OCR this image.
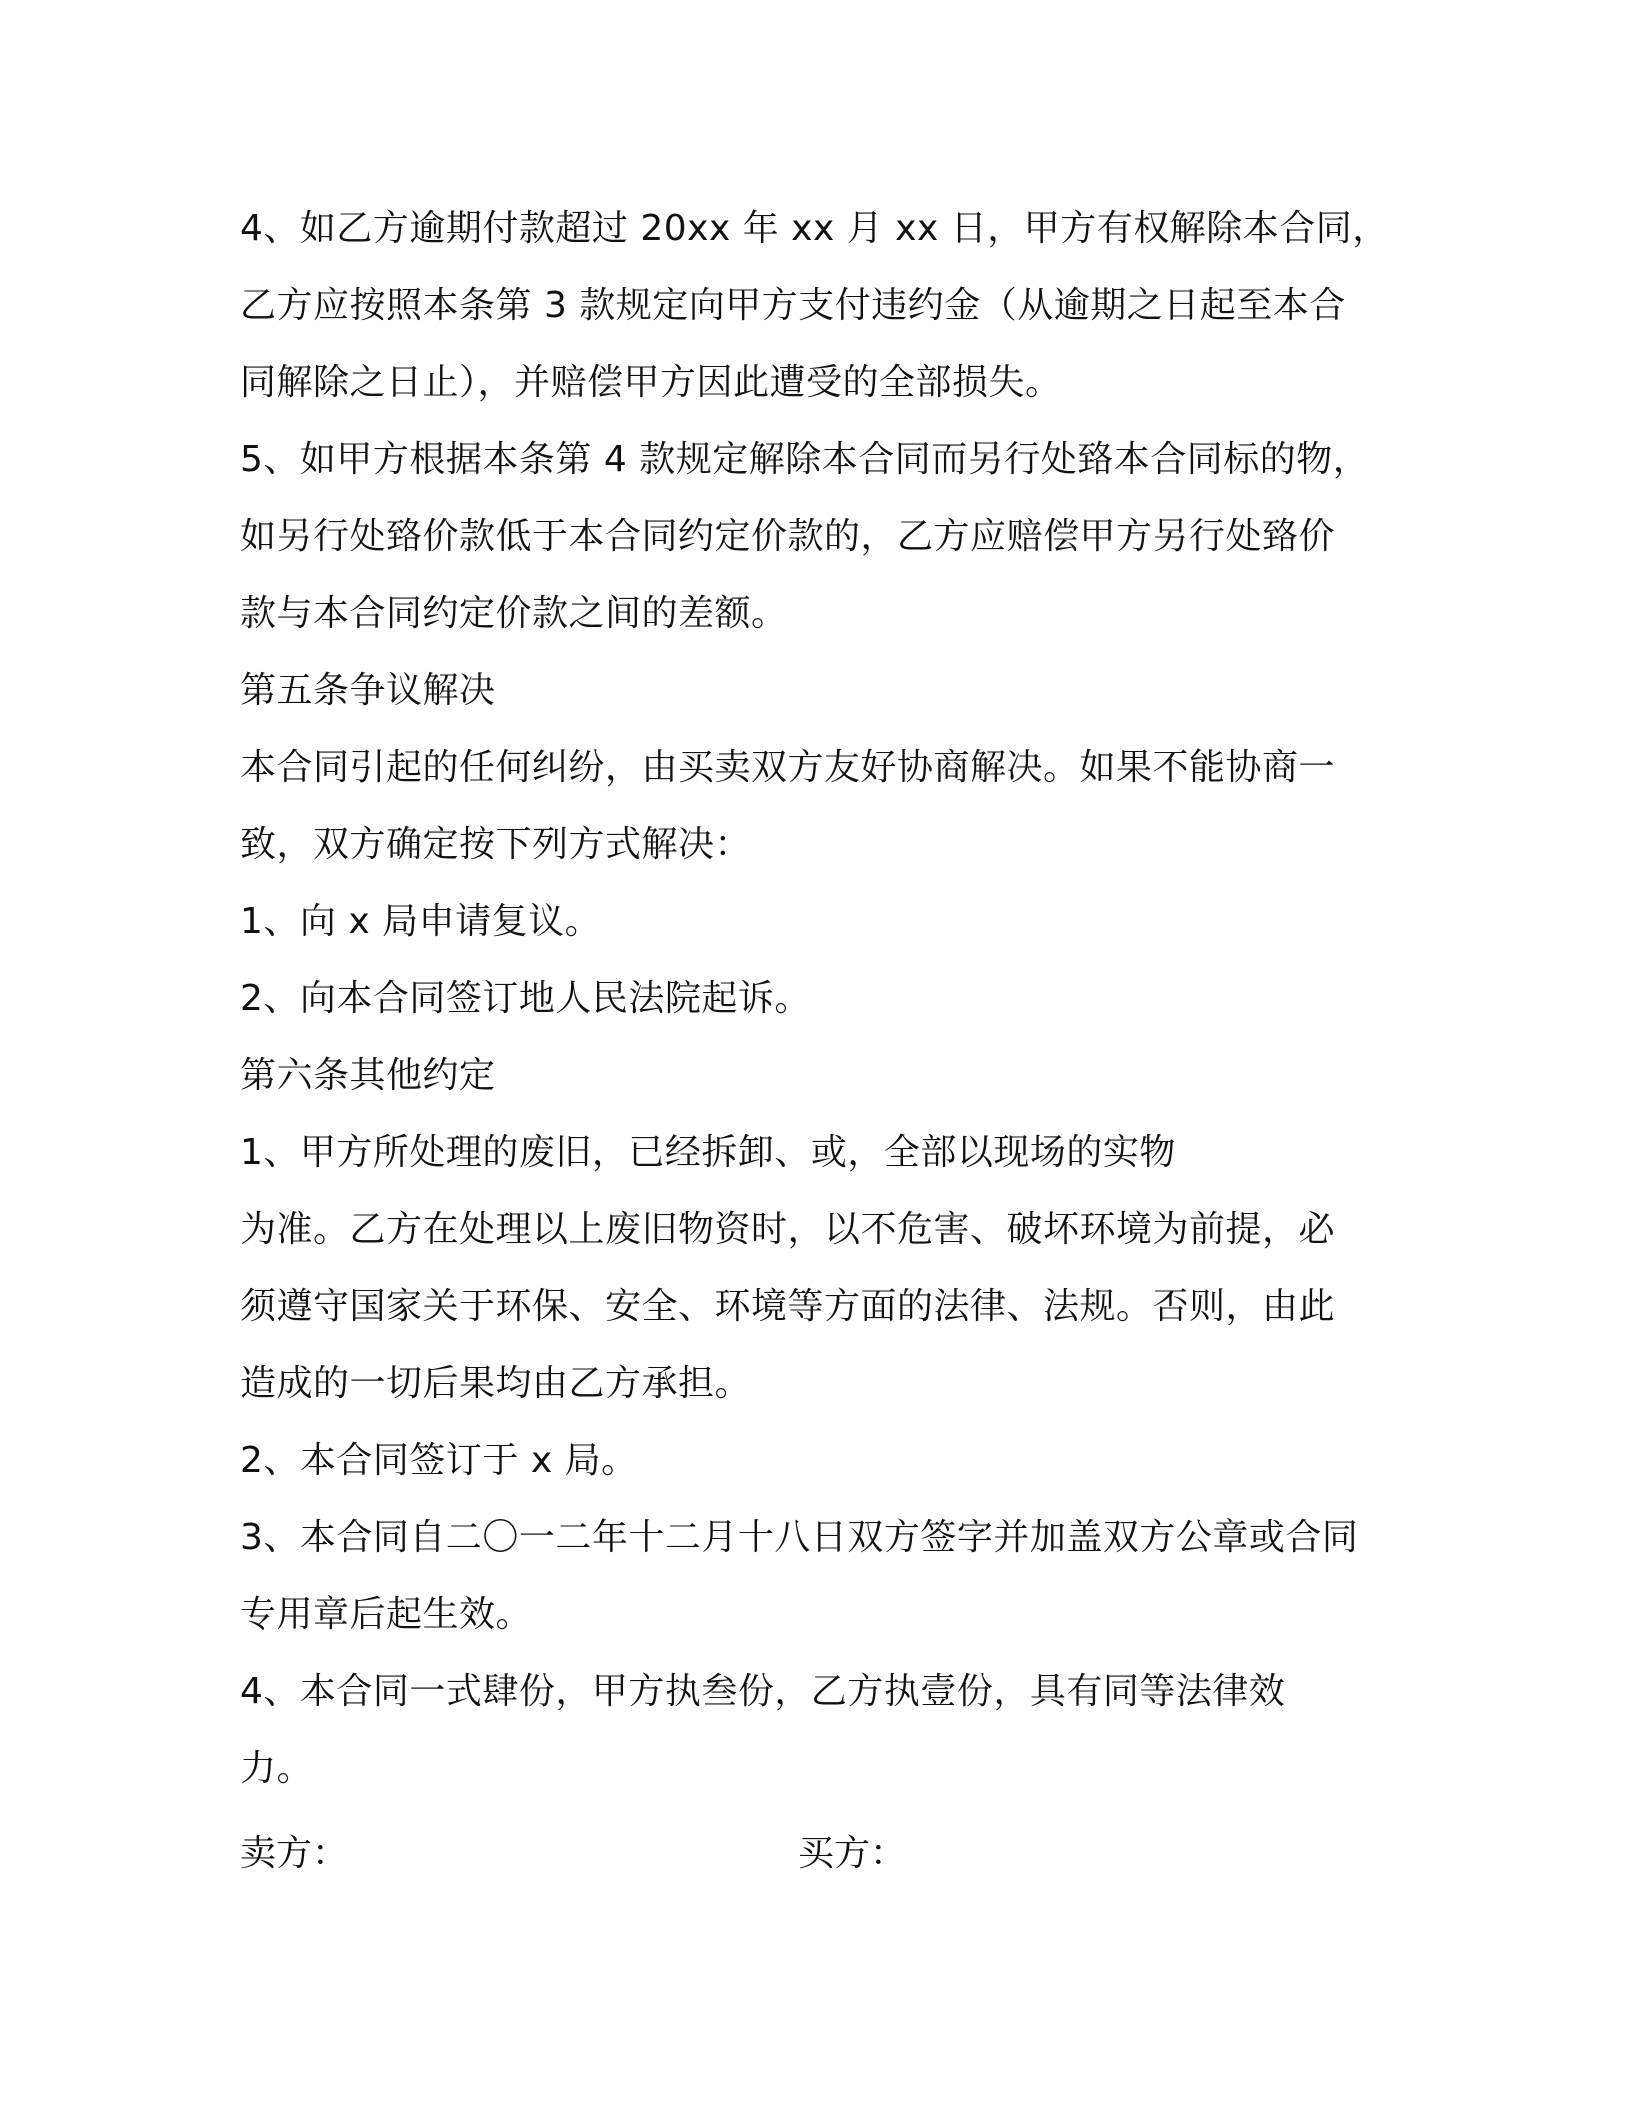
4、如乙方逾期付款超过 20xx 年 xx 月 xx 日，甲方有权解除本合同，

乙方应按照本条第 3 款规定向甲方支付违约金（从逾期之日起至本合

同解除之日止），并赔偿甲方因此遭受的全部损失。

5、如甲方根据本条第 4 款规定解除本合同而另行处臵本合同标的物，

如另行处臵价款低于本合同约定价款的，乙方应赔偿甲方另行处臵价

款与本合同约定价款之间的差额。

第五条争议解决

本合同引起的任何纠纷，由买卖双方友好协商解决。如果不能协商一

致，双方确定按下列方式解决：

1、向 x 局申请复议。

2、向本合同签订地人民法院起诉。

第六条其他约定

1、甲方所处理的废旧，已经拆卸、或，全部以现场的实物

为准。乙方在处理以上废旧物资时，以不危害、破坏环境为前提，必

须遵守国家关于环保、安全、环境等方面的法律、法规。否则，由此

造成的一切后果均由乙方承担。

2、本合同签订于 x 局。

3、本合同自二〇一二年十二月十八日双方签字并加盖双方公章或合同

专用章后起生效。

4、本合同一式肆份，甲方执叁份，乙方执壹份，具有同等法律效

力。

卖方：	买方：
